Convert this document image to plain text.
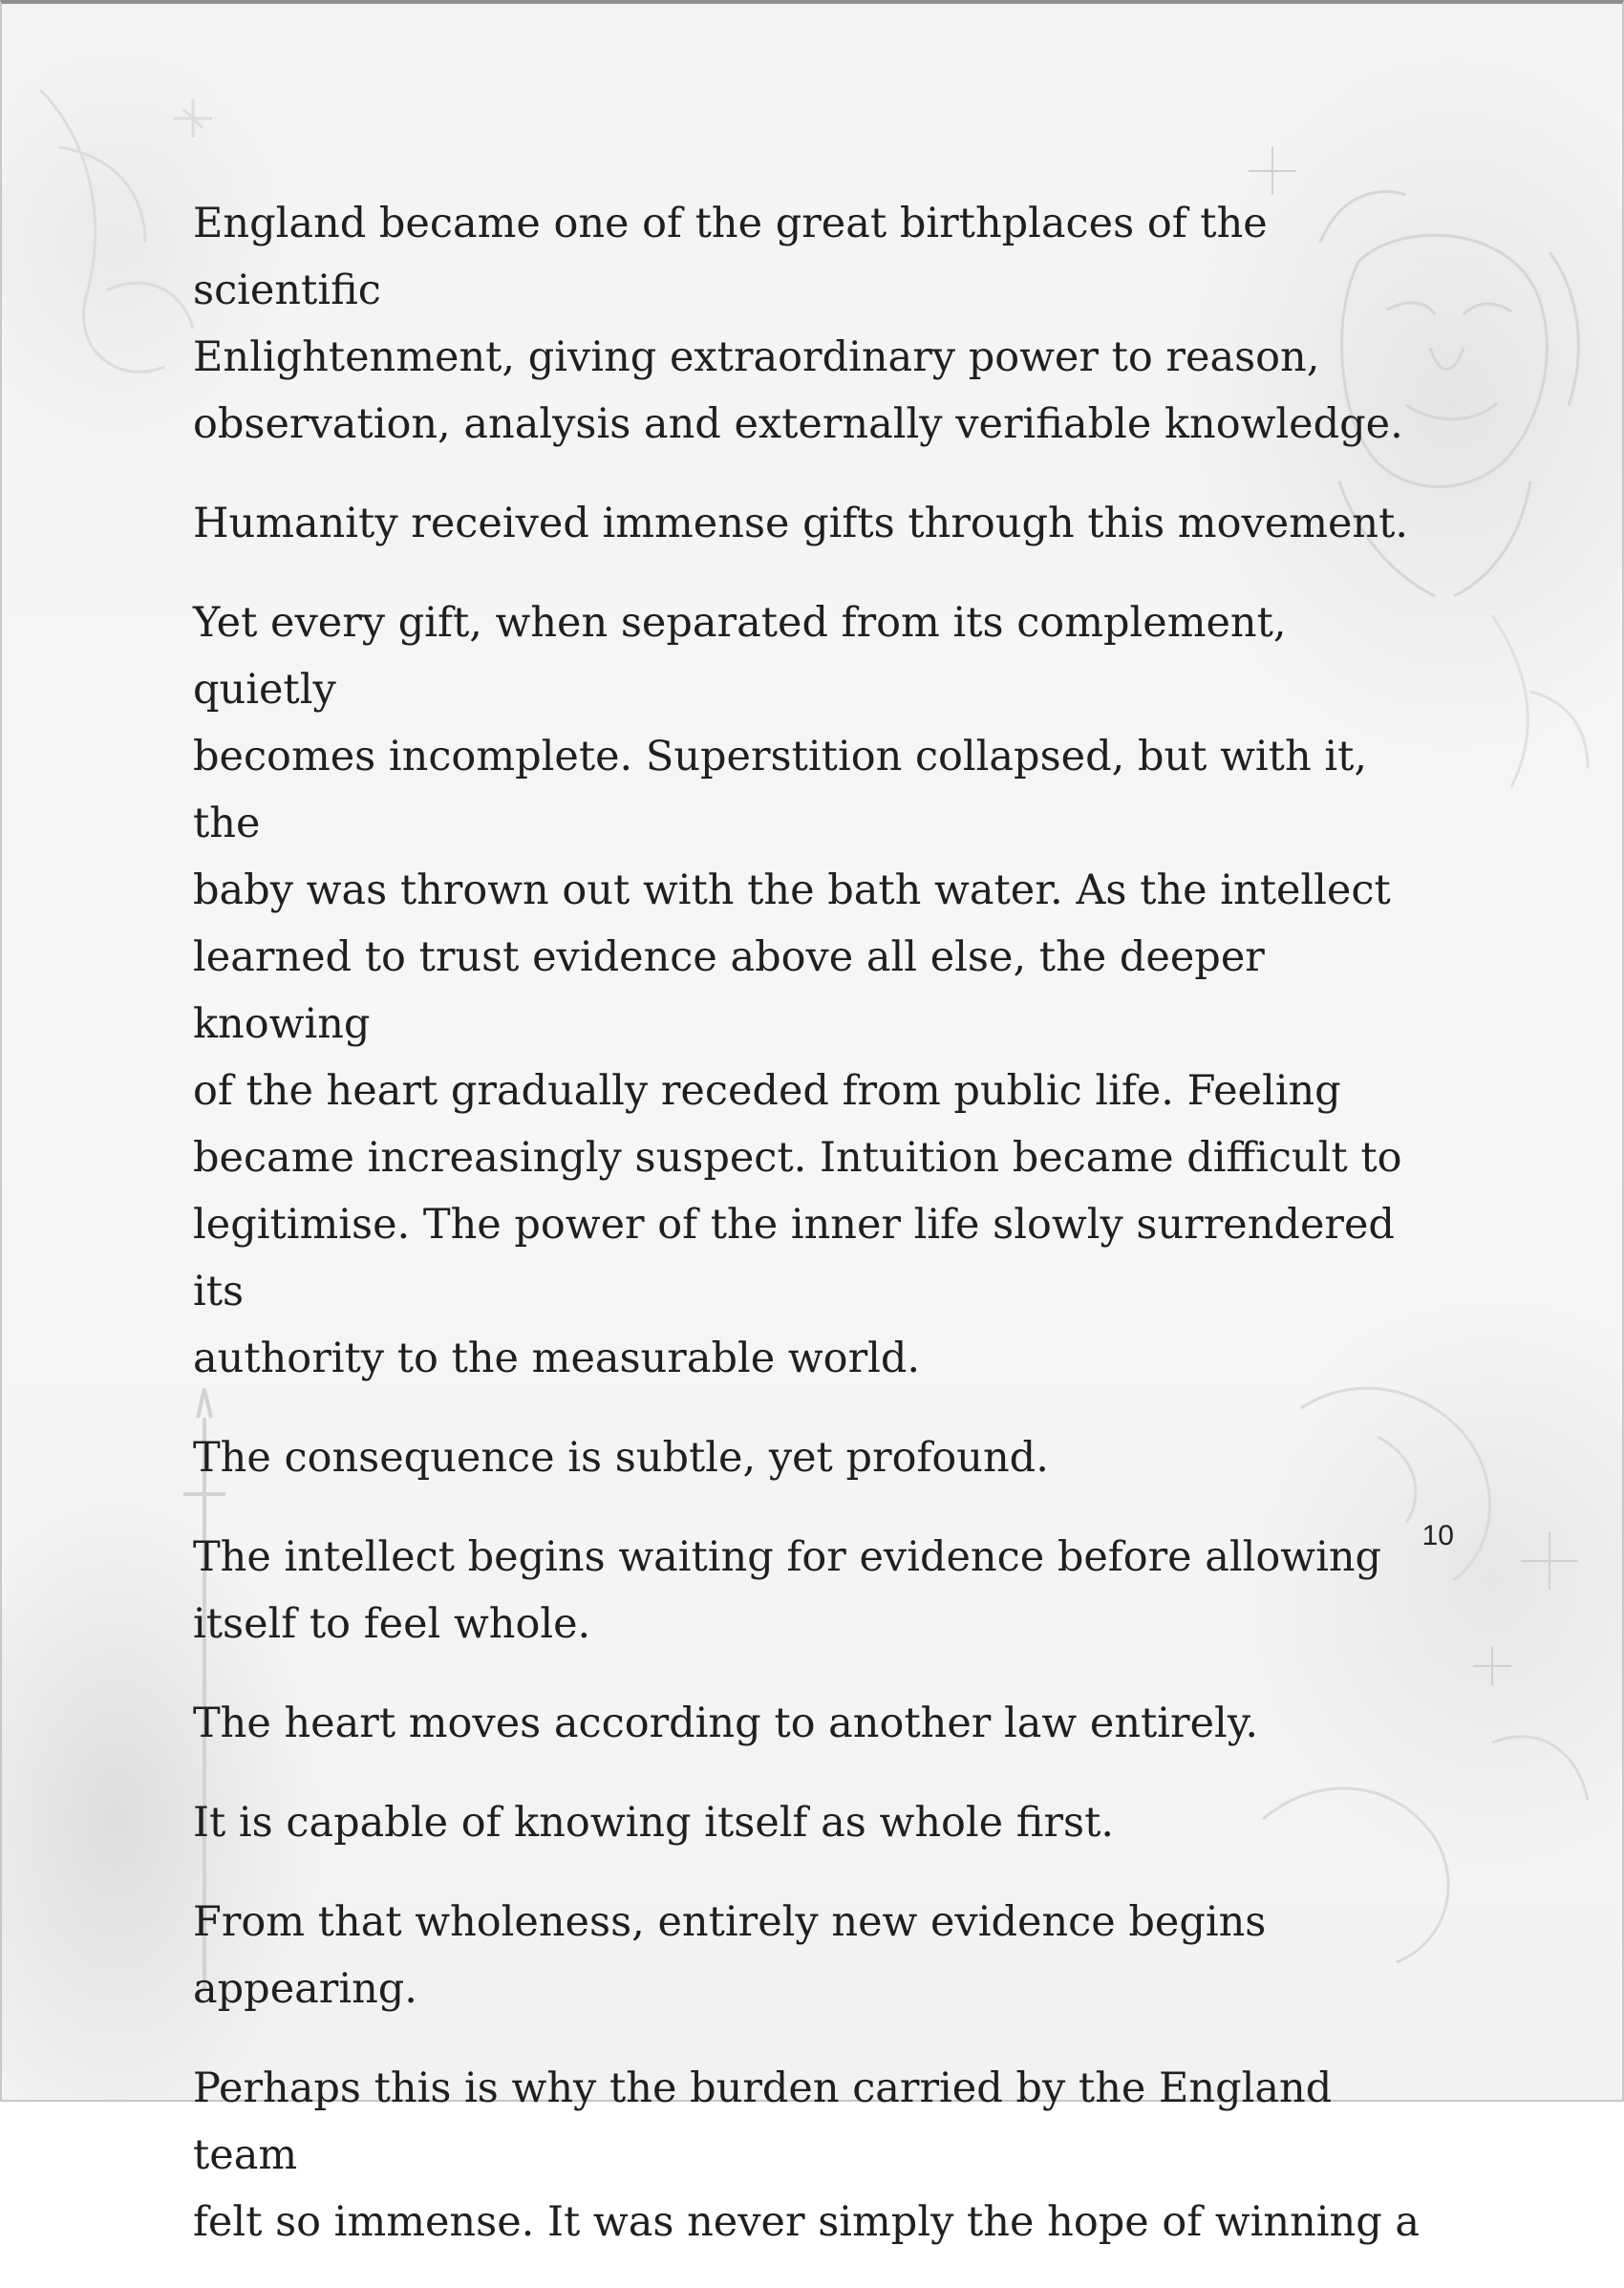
England became one of the great birthplaces of the scientific
Enlightenment, giving extraordinary power to reason,
observation, analysis and externally verifiable knowledge.

Humanity received immense gifts through this movement.

Yet every gift, when separated from its complement, quietly
becomes incomplete. Superstition collapsed, but with it, the
baby was thrown out with the bath water. As the intellect
learned to trust evidence above all else, the deeper knowing
of the heart gradually receded from public life. Feeling
became increasingly suspect. Intuition became difficult to
legitimise. The power of the inner life slowly surrendered its
authority to the measurable world.

The consequence is subtle, yet profound.

The intellect begins waiting for evidence before allowing
itself to feel whole.

The heart moves according to another law entirely.

It is capable of knowing itself as whole first.

From that wholeness, entirely new evidence begins
appearing.

Perhaps this is why the burden carried by the England team
felt so immense. It was never simply the hope of winning a

10
